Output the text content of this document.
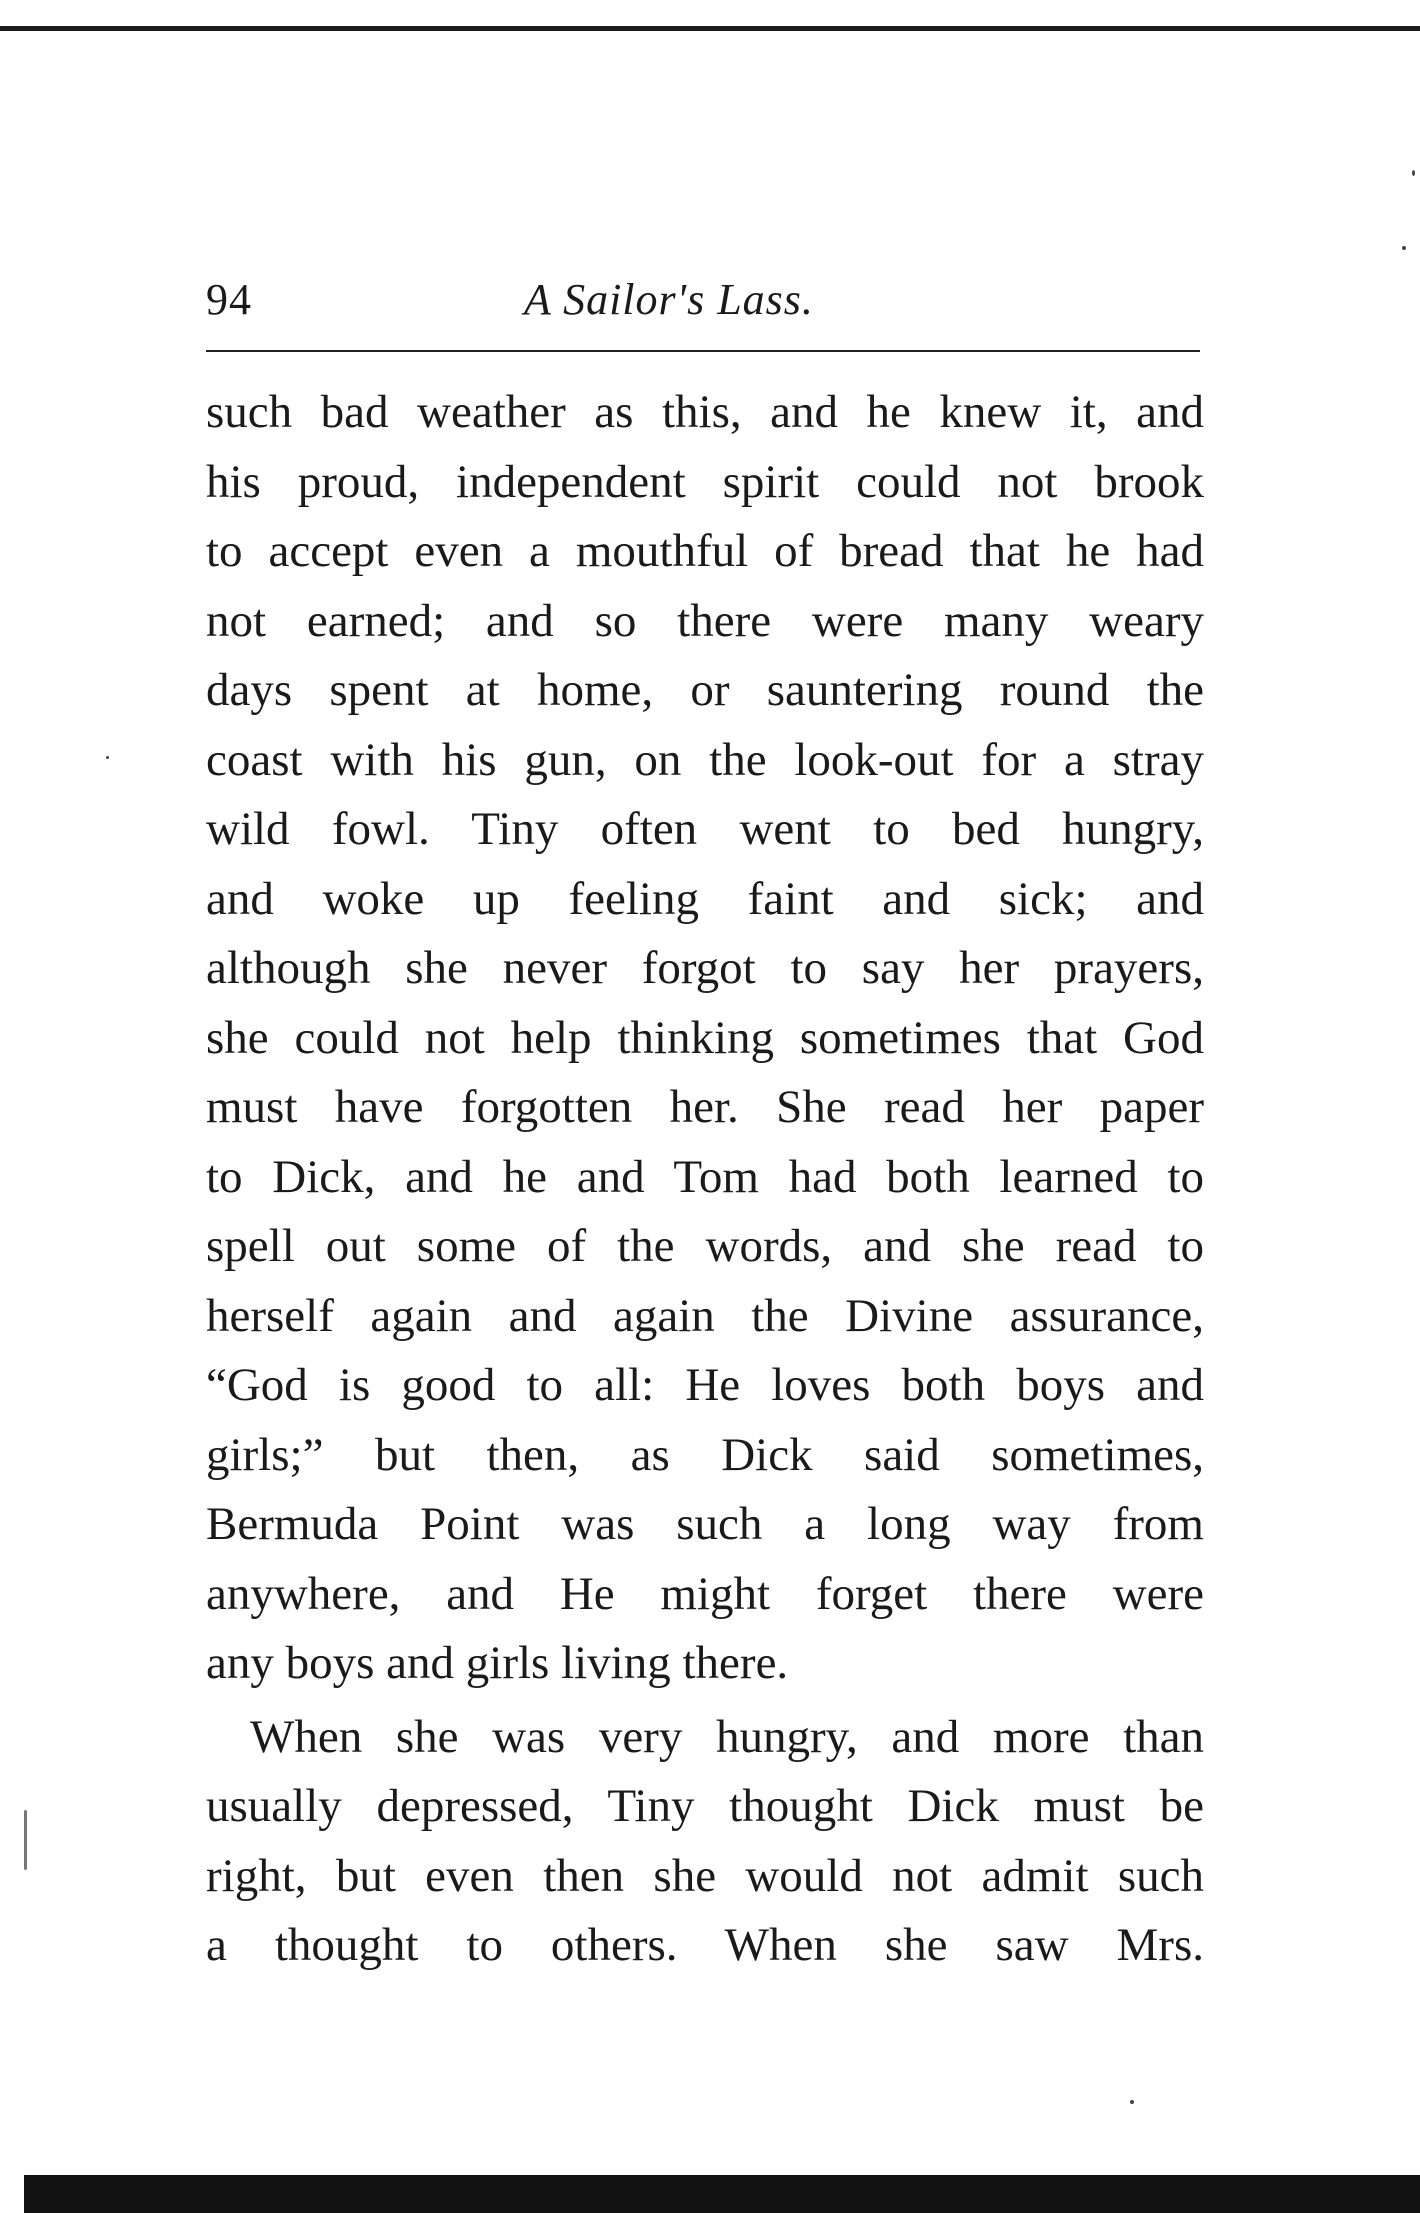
94	A Sailor's Lass.
such bad weather as this, and he knew it, and
his proud, independent spirit could not brook
to accept even a mouthful of bread that he had
not earned; and so there were many weary
days spent at home, or sauntering round the
coast with his gun, on the look-out for a stray
wild fowl. Tiny often went to bed hungry,
and woke up feeling faint and sick; and
although she never forgot to say her prayers,
she could not help thinking sometimes that God
must have forgotten her. She read her paper
to Dick, and he and Tom had both learned to
spell out some of the words, and she read to
herself again and again the Divine assurance,
“God is good to all: He loves both boys and
girls;” but then, as Dick said sometimes,
Bermuda Point was such a long way from
anywhere, and He might forget there were
any boys and girls living there.
When she was very hungry, and more than
usually depressed, Tiny thought Dick must be
right, but even then she would not admit such
a thought to others. When she saw Mrs.
